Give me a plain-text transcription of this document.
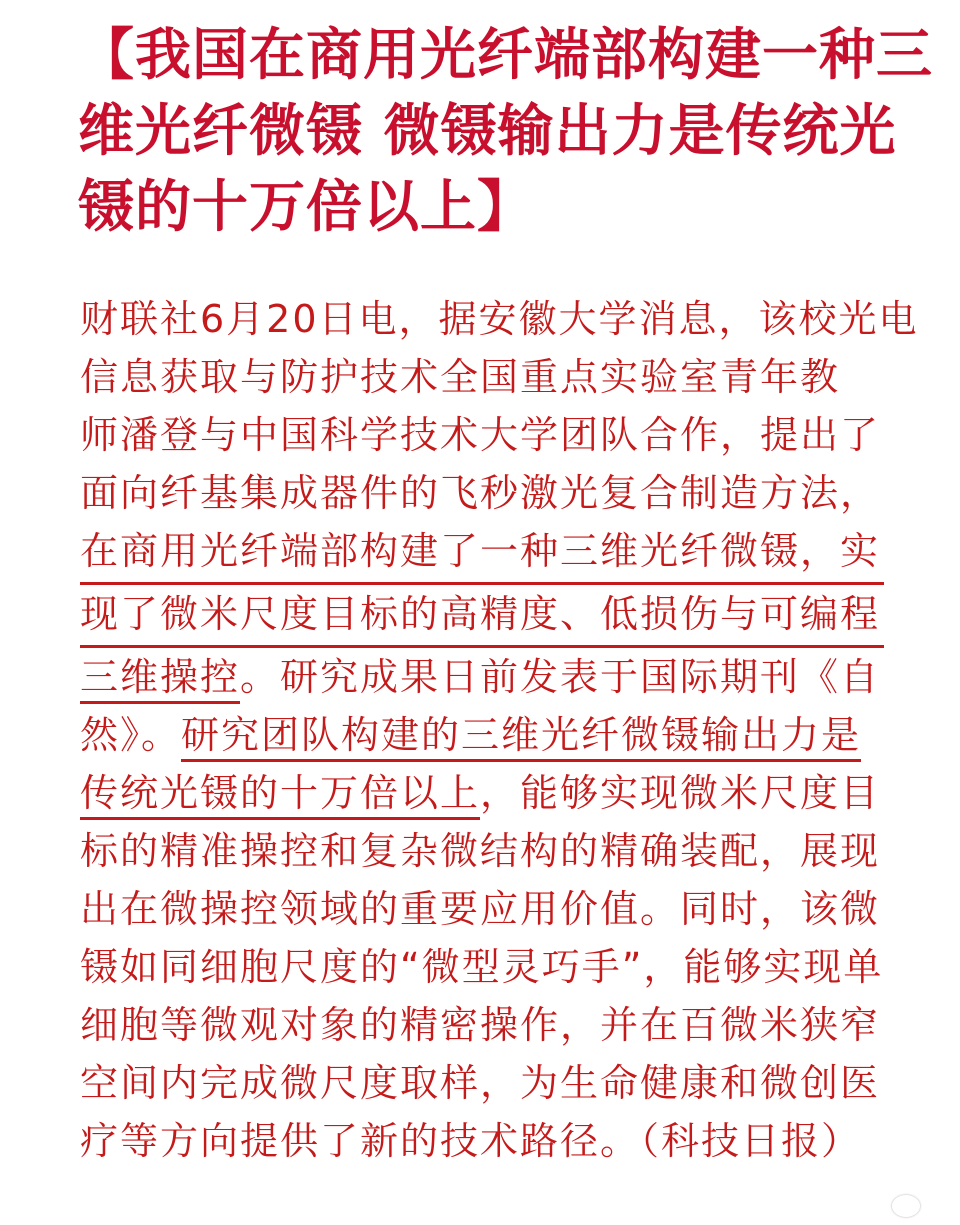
【我国在商用光纤端部构建一种三
维光纤微镊 微镊输出力是传统光
镊的十万倍以上】
财联社6月20日电，据安徽大学消息，该校光电
信息获取与防护技术全国重点实验室青年教
师潘登与中国科学技术大学团队合作，提出了
面向纤基集成器件的飞秒激光复合制造方法，
在商用光纤端部构建了一种三维光纤微镊，实
现了微米尺度目标的高精度、低损伤与可编程
三维操控。研究成果日前发表于国际期刊《自
然》。研究团队构建的三维光纤微镊输出力是
传统光镊的十万倍以上，能够实现微米尺度目
标的精准操控和复杂微结构的精确装配，展现
出在微操控领域的重要应用价值。同时，该微
镊如同细胞尺度的“微型灵巧手”，能够实现单
细胞等微观对象的精密操作，并在百微米狭窄
空间内完成微尺度取样，为生命健康和微创医
疗等方向提供了新的技术路径。（科技日报）
